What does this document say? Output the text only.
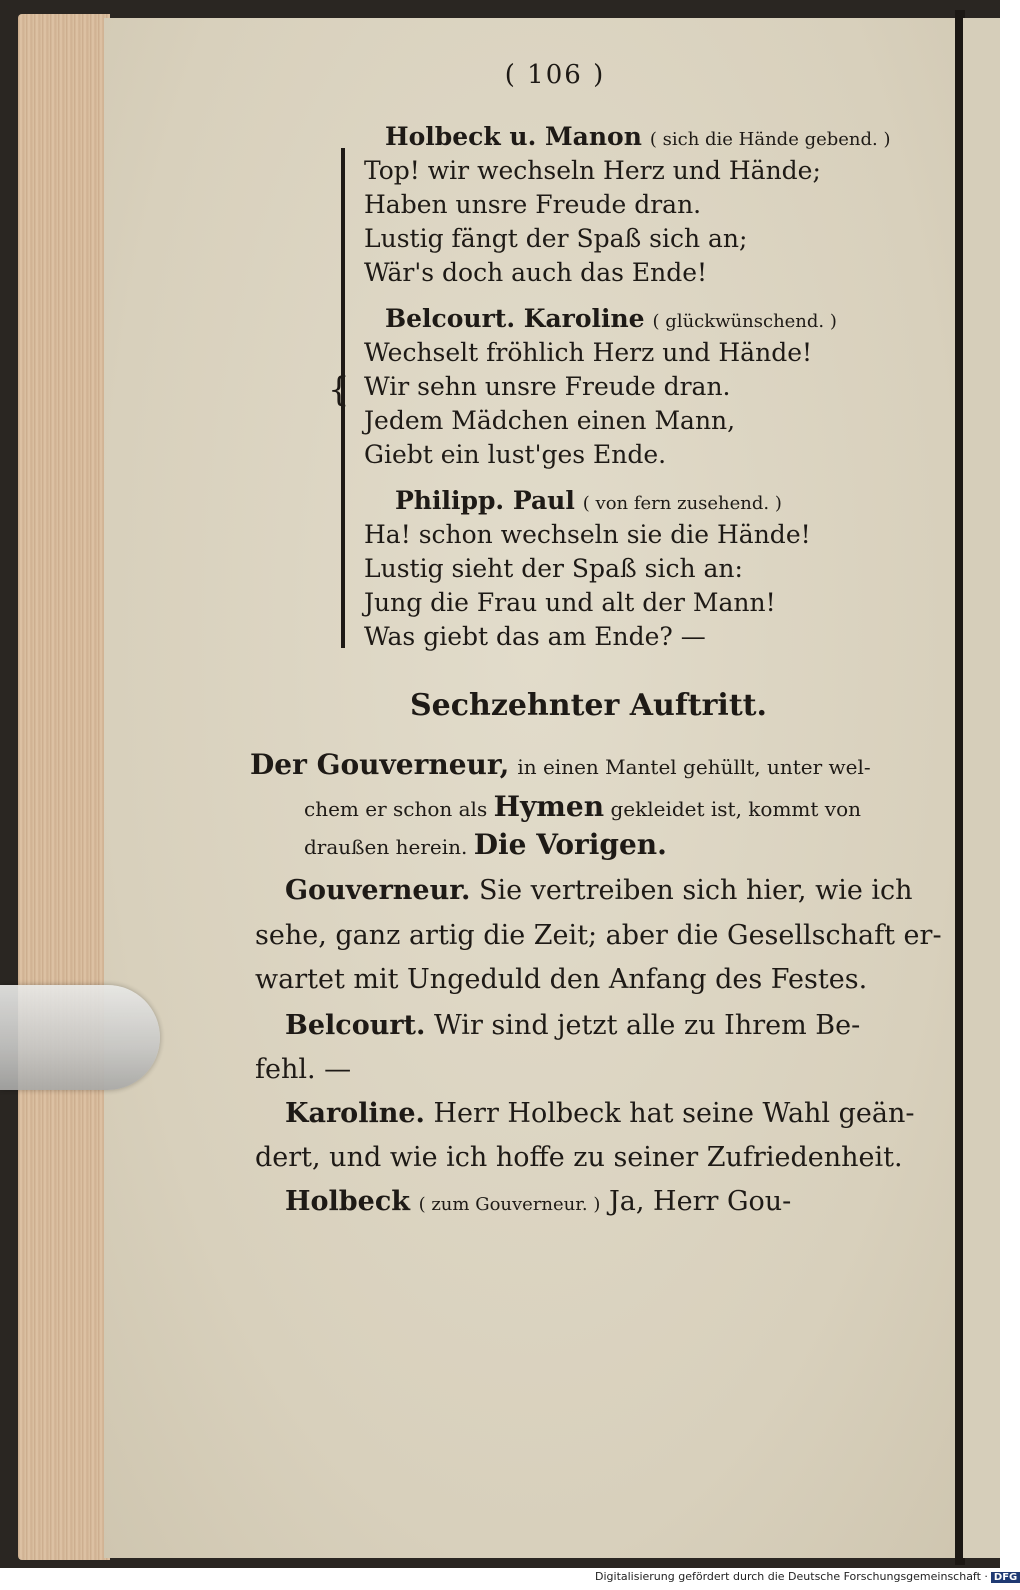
( 106 )
{
Holbeck u. Manon ( sich die Hände gebend. )
Top! wir wechseln Herz und Hände;
Haben unsre Freude dran.
Lustig fängt der Spaß sich an;
Wär's doch auch das Ende!
Belcourt. Karoline ( glückwünschend. )
Wechselt fröhlich Herz und Hände!
Wir sehn unsre Freude dran.
Jedem Mädchen einen Mann,
Giebt ein lust'ges Ende.
Philipp. Paul ( von fern zusehend. )
Ha! schon wechseln sie die Hände!
Lustig sieht der Spaß sich an:
Jung die Frau und alt der Mann!
Was giebt das am Ende? —
Sechzehnter Auftritt.
Der Gouverneur, in einen Mantel gehüllt, unter wel-
chem er schon als Hymen gekleidet ist, kommt von
draußen herein. Die Vorigen.
Gouverneur. Sie vertreiben sich hier, wie ich
sehe, ganz artig die Zeit; aber die Gesellschaft er-
wartet mit Ungeduld den Anfang des Festes.
Belcourt. Wir sind jetzt alle zu Ihrem Be-
fehl. —
Karoline. Herr Holbeck hat seine Wahl geän-
dert, und wie ich hoffe zu seiner Zufriedenheit.
Holbeck ( zum Gouverneur. ) Ja, Herr Gou-
Digitalisierung gefördert durch die Deutsche Forschungsgemeinschaft · DFG
